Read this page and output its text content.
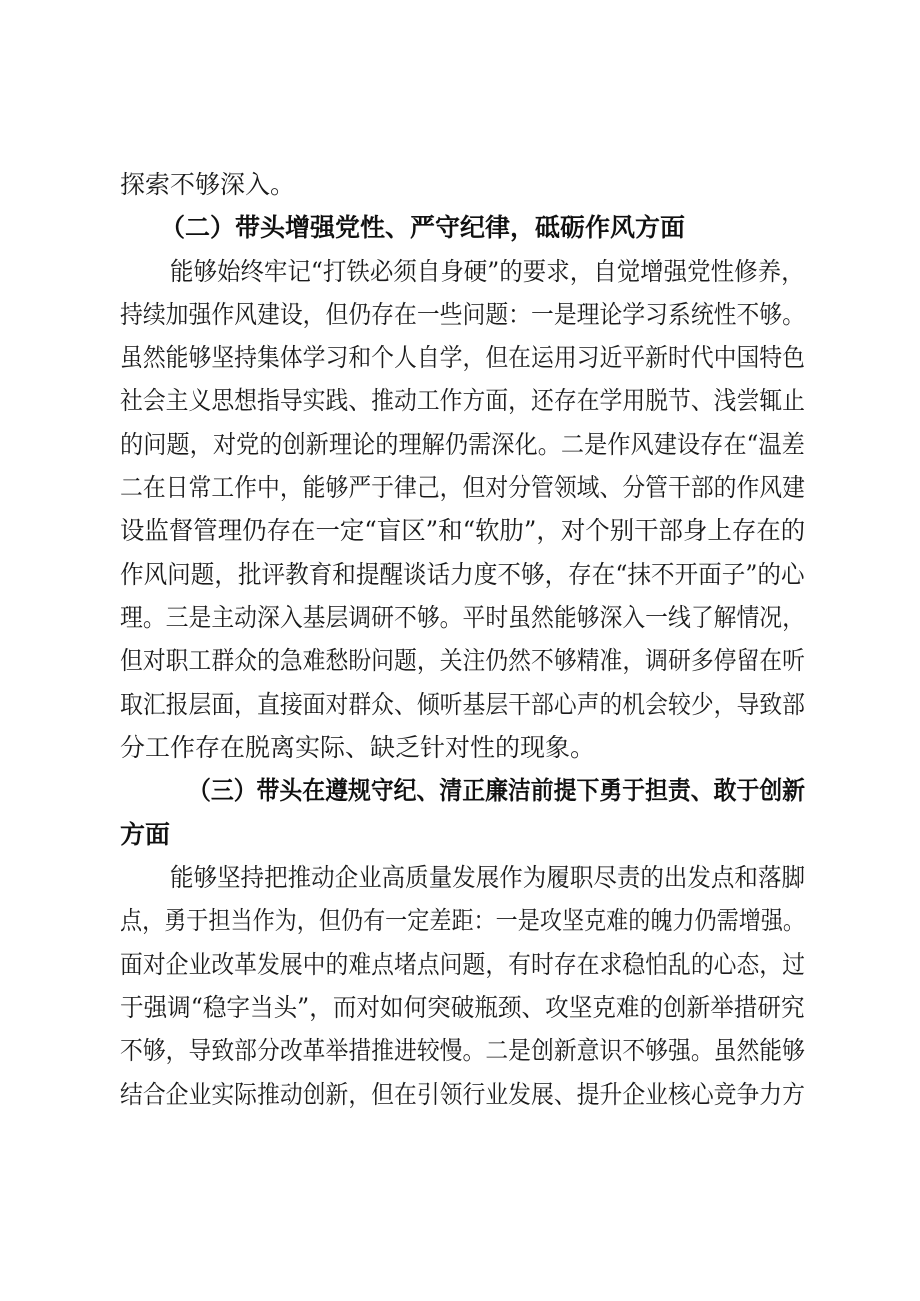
探索不够深入。
（二）带头增强党性、严守纪律，砥砺作风方面
能够始终牢记“打铁必须自身硬”的要求，自觉增强党性修养，
持续加强作风建设，但仍存在一些问题：一是理论学习系统性不够。
虽然能够坚持集体学习和个人自学，但在运用习近平新时代中国特色
社会主义思想指导实践、推动工作方面，还存在学用脱节、浅尝辄止
的问题，对党的创新理论的理解仍需深化。二是作风建设存在“温差
二在日常工作中，能够严于律己，但对分管领域、分管干部的作风建
设监督管理仍存在一定“盲区”和“软肋”，对个别干部身上存在的
作风问题，批评教育和提醒谈话力度不够，存在“抹不开面子”的心
理。三是主动深入基层调研不够。平时虽然能够深入一线了解情况，
但对职工群众的急难愁盼问题，关注仍然不够精准，调研多停留在听
取汇报层面，直接面对群众、倾听基层干部心声的机会较少，导致部
分工作存在脱离实际、缺乏针对性的现象。
（三）带头在遵规守纪、清正廉洁前提下勇于担责、敢于创新
方面
能够坚持把推动企业高质量发展作为履职尽责的出发点和落脚
点，勇于担当作为，但仍有一定差距：一是攻坚克难的魄力仍需增强。
面对企业改革发展中的难点堵点问题，有时存在求稳怕乱的心态，过
于强调“稳字当头”，而对如何突破瓶颈、攻坚克难的创新举措研究
不够，导致部分改革举措推进较慢。二是创新意识不够强。虽然能够
结合企业实际推动创新，但在引领行业发展、提升企业核心竞争力方
